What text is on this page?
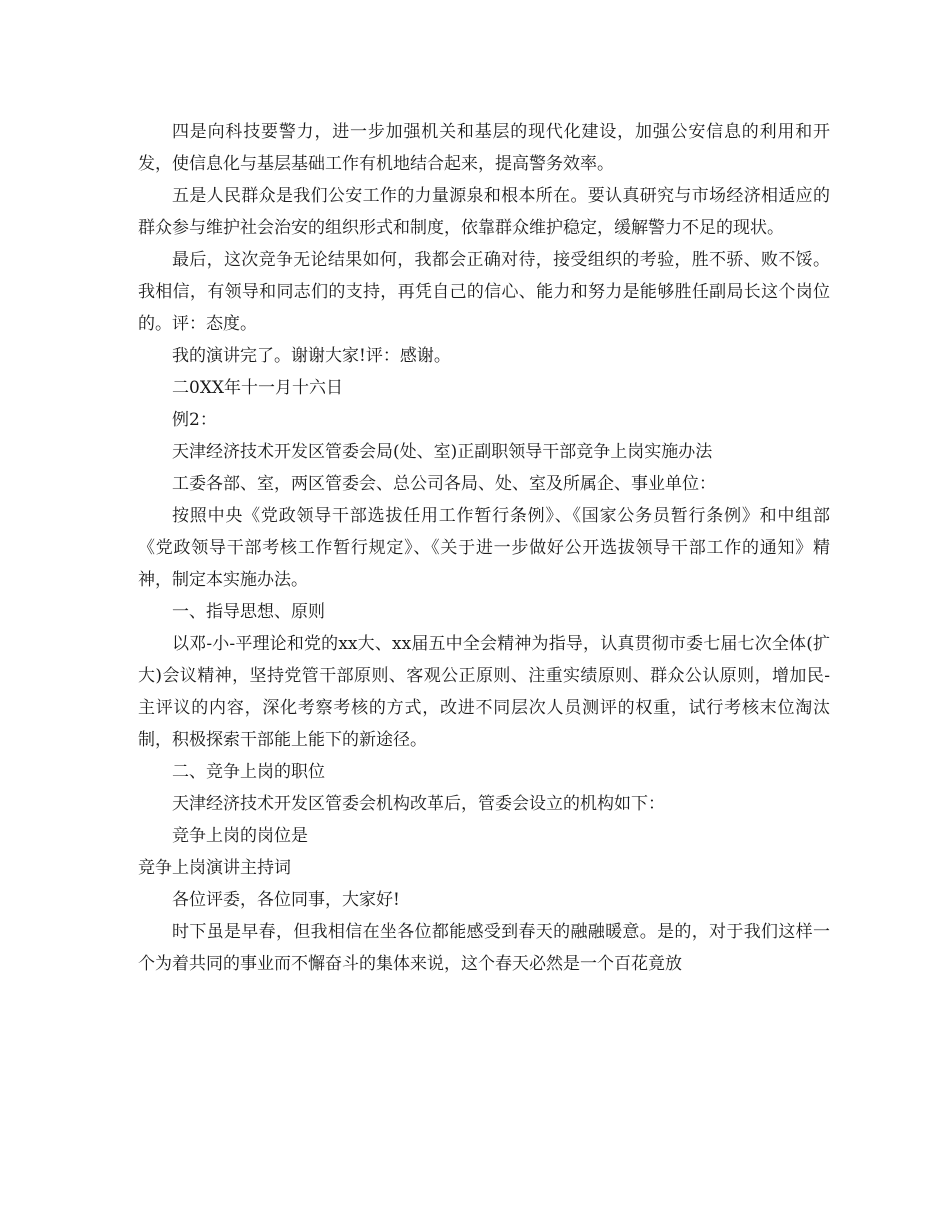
四是向科技要警力，进一步加强机关和基层的现代化建设，加强公安信息的利用和开发，使信息化与基层基础工作有机地结合起来，提高警务效率。

五是人民群众是我们公安工作的力量源泉和根本所在。要认真研究与市场经济相适应的群众参与维护社会治安的组织形式和制度，依靠群众维护稳定，缓解警力不足的现状。

最后，这次竞争无论结果如何，我都会正确对待，接受组织的考验，胜不骄、败不馁。我相信，有领导和同志们的支持，再凭自己的信心、能力和努力是能够胜任副局长这个岗位的。评：态度。

我的演讲完了。谢谢大家!评：感谢。

二0XX年十一月十六日

例2：

天津经济技术开发区管委会局(处、室)正副职领导干部竞争上岗实施办法

工委各部、室，两区管委会、总公司各局、处、室及所属企、事业单位：

按照中央《党政领导干部选拔任用工作暂行条例》、《国家公务员暂行条例》和中组部《党政领导干部考核工作暂行规定》、《关于进一步做好公开选拔领导干部工作的通知》精神，制定本实施办法。

一、指导思想、原则

以邓-小-平理论和党的xx大、xx届五中全会精神为指导，认真贯彻市委七届七次全体(扩大)会议精神，坚持党管干部原则、客观公正原则、注重实绩原则、群众公认原则，增加民-主评议的内容，深化考察考核的方式，改进不同层次人员测评的权重，试行考核末位淘汰制，积极探索干部能上能下的新途径。

二、竞争上岗的职位

天津经济技术开发区管委会机构改革后，管委会设立的机构如下：

竞争上岗的岗位是

竞争上岗演讲主持词

各位评委，各位同事，大家好!

时下虽是早春，但我相信在坐各位都能感受到春天的融融暖意。是的，对于我们这样一个为着共同的事业而不懈奋斗的集体来说，这个春天必然是一个百花竟放
